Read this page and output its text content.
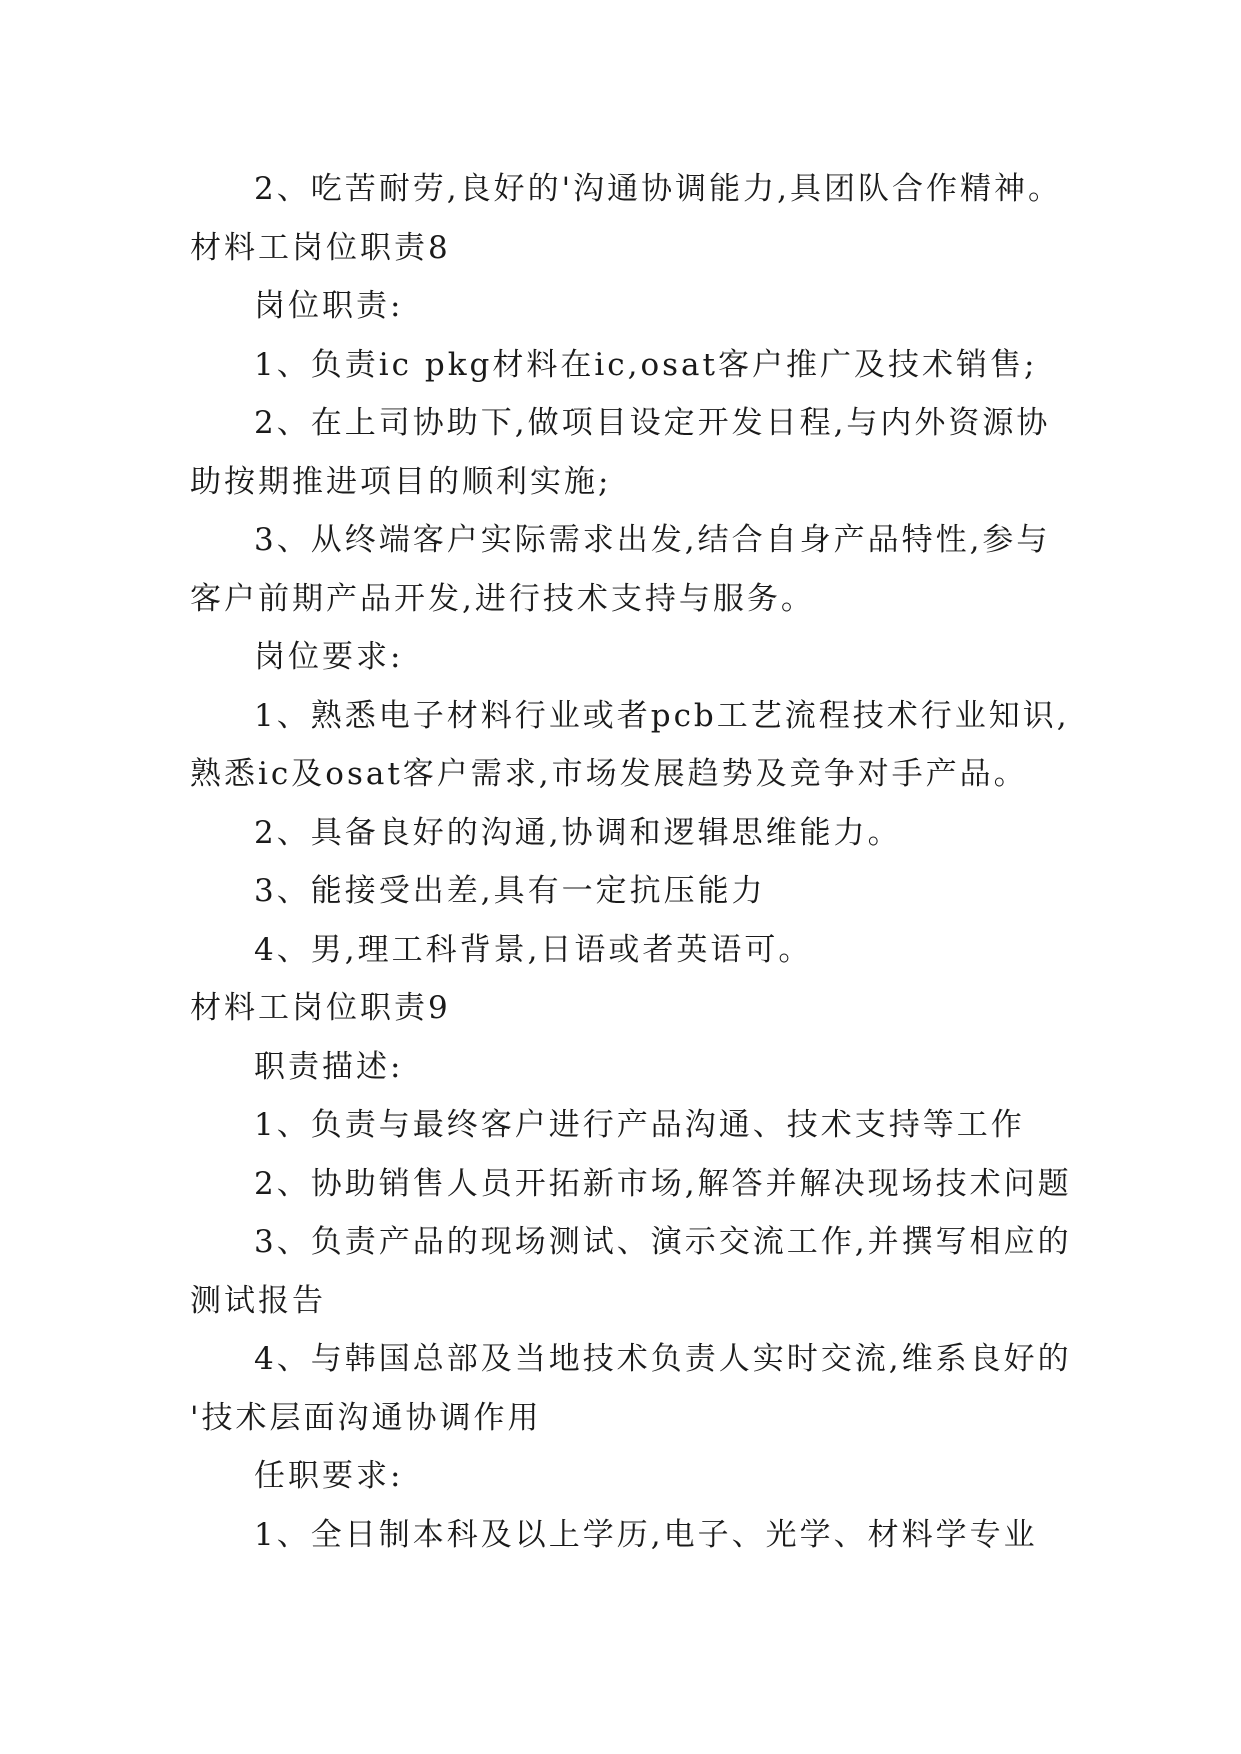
2、吃苦耐劳,良好的'沟通协调能力,具团队合作精神。
材料工岗位职责8
岗位职责:
1、负责ic pkg材料在ic,osat客户推广及技术销售;
2、在上司协助下,做项目设定开发日程,与内外资源协
助按期推进项目的顺利实施;
3、从终端客户实际需求出发,结合自身产品特性,参与
客户前期产品开发,进行技术支持与服务。
岗位要求:
1、熟悉电子材料行业或者pcb工艺流程技术行业知识,
熟悉ic及osat客户需求,市场发展趋势及竞争对手产品。
2、具备良好的沟通,协调和逻辑思维能力。
3、能接受出差,具有一定抗压能力
4、男,理工科背景,日语或者英语可。
材料工岗位职责9
职责描述:
1、负责与最终客户进行产品沟通、技术支持等工作
2、协助销售人员开拓新市场,解答并解决现场技术问题
3、负责产品的现场测试、演示交流工作,并撰写相应的
测试报告
4、与韩国总部及当地技术负责人实时交流,维系良好的
'技术层面沟通协调作用
任职要求:
1、全日制本科及以上学历,电子、光学、材料学专业
